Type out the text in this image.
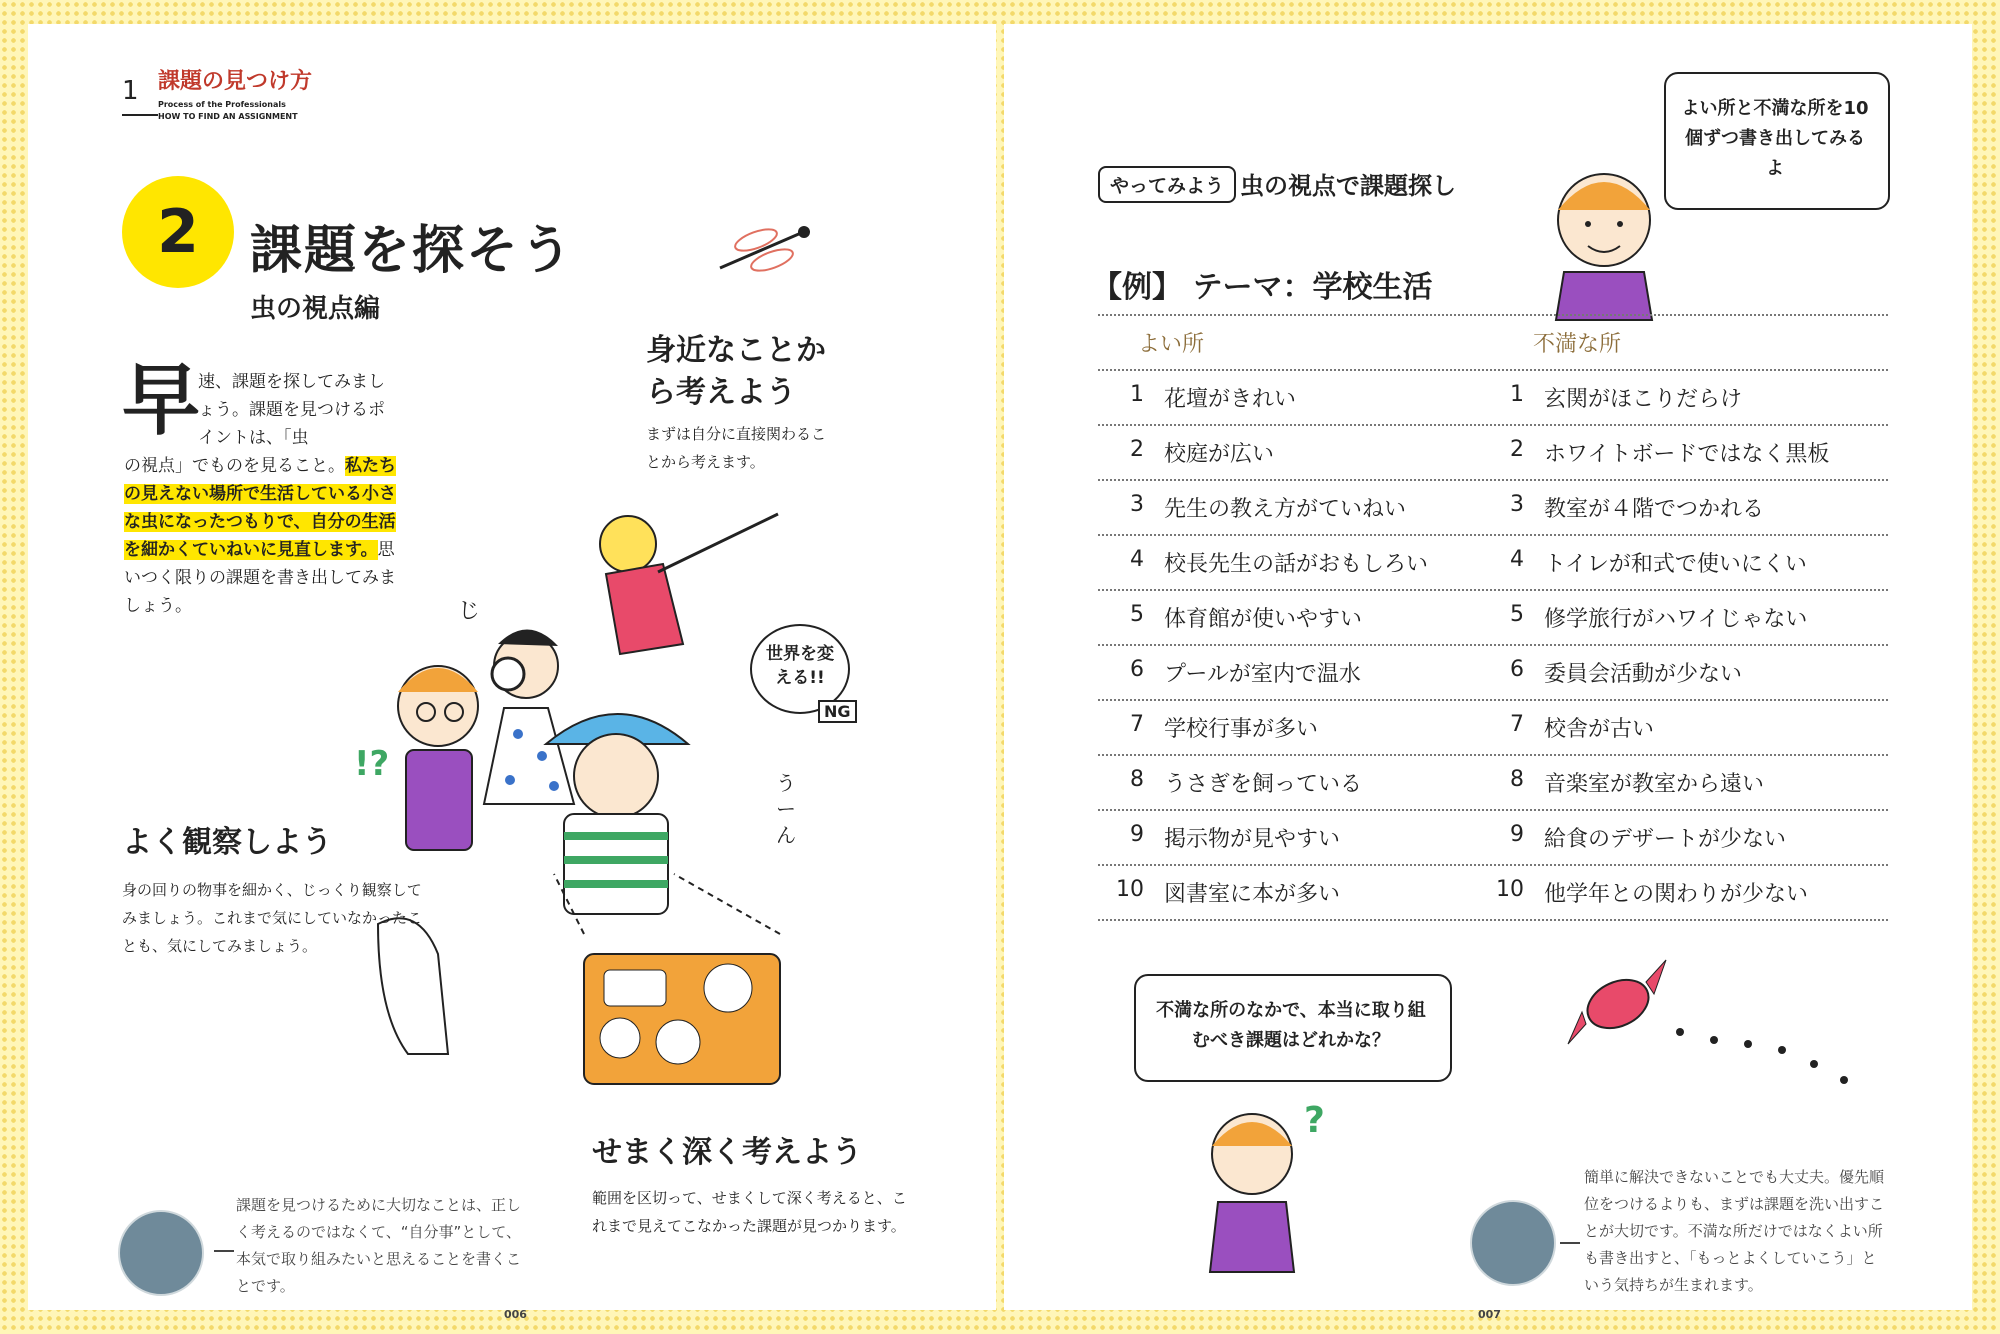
1 課題の見つけ方
Process of the Professionals
HOW TO FIND AN ASSIGNMENT
2 課題を探そう
虫の視点編
早
速、課題を探してみましょう。課題を見つけるポイントは、「虫
の視点」でものを見ること。私たちの見えない場所で生活している小さな虫になったつもりで、自分の生活を細かくていねいに見直します。思いつく限りの課題を書き出してみましょう。
身近なことから考えよう
まずは自分に直接関わることから考えます。
世界を変える!!
NG
じ
!?	うーん
よく観察しよう
身の回りの物事を細かく、じっくり観察してみましょう。これまで気にしていなかったことも、気にしてみましょう。
せまく深く考えよう
範囲を区切って、せまくして深く考えると、これまで見えてこなかった課題が見つかります。
課題を見つけるために大切なことは、正しく考えるのではなくて、“自分事”として、本気で取り組みたいと思えることを書くことです。
006
やってみよう 虫の視点で課題探し
よい所と不満な所を10個ずつ書き出してみるよ
【例】 テーマ：学校生活
よい所	不満な所
1 花壇がきれい	1 玄関がほこりだらけ
2 校庭が広い	2 ホワイトボードではなく黒板
3 先生の教え方がていねい	3 教室が４階でつかれる
4 校長先生の話がおもしろい	4 トイレが和式で使いにくい
5 体育館が使いやすい	5 修学旅行がハワイじゃない
6 プールが室内で温水	6 委員会活動が少ない
7 学校行事が多い	7 校舎が古い
8 うさぎを飼っている	8 音楽室が教室から遠い
9 掲示物が見やすい	9 給食のデザートが少ない
10 図書室に本が多い	10 他学年との関わりが少ない
不満な所のなかで、本当に取り組むべき課題はどれかな？
?
簡単に解決できないことでも大丈夫。優先順位をつけるよりも、まずは課題を洗い出すことが大切です。不満な所だけではなくよい所も書き出すと、「もっとよくしていこう」という気持ちが生まれます。
007
